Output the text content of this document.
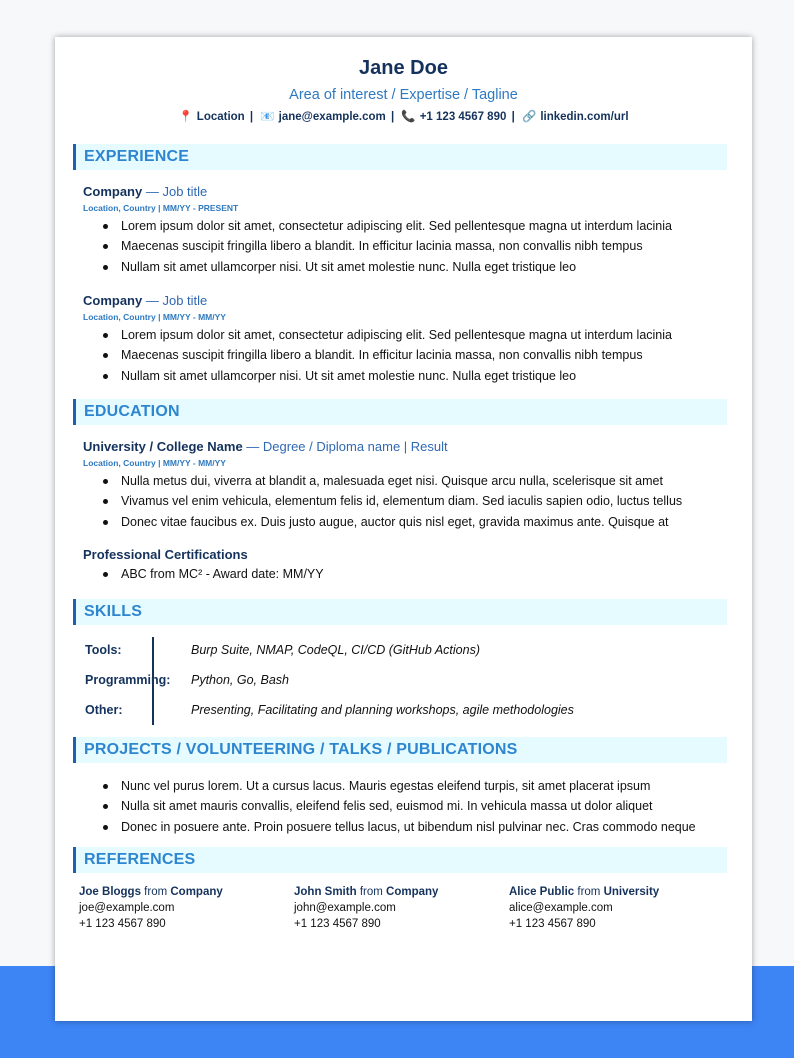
Jane Doe
Area of interest / Expertise / Tagline
📍 Location | 📧 jane@example.com | 📞 +1 123 4567 890 | 🔗 linkedin.com/url
EXPERIENCE
Company — Job title
Location, Country | MM/YY - PRESENT
Lorem ipsum dolor sit amet, consectetur adipiscing elit. Sed pellentesque magna ut interdum lacinia
Maecenas suscipit fringilla libero a blandit. In efficitur lacinia massa, non convallis nibh tempus
Nullam sit amet ullamcorper nisi. Ut sit amet molestie nunc. Nulla eget tristique leo
Company — Job title
Location, Country | MM/YY - MM/YY
Lorem ipsum dolor sit amet, consectetur adipiscing elit. Sed pellentesque magna ut interdum lacinia
Maecenas suscipit fringilla libero a blandit. In efficitur lacinia massa, non convallis nibh tempus
Nullam sit amet ullamcorper nisi. Ut sit amet molestie nunc. Nulla eget tristique leo
EDUCATION
University / College Name — Degree / Diploma name | Result
Location, Country | MM/YY - MM/YY
Nulla metus dui, viverra at blandit a, malesuada eget nisi. Quisque arcu nulla, scelerisque sit amet
Vivamus vel enim vehicula, elementum felis id, elementum diam. Sed iaculis sapien odio, luctus tellus
Donec vitae faucibus ex. Duis justo augue, auctor quis nisl eget, gravida maximus ante. Quisque at
Professional Certifications
ABC from MC² - Award date: MM/YY
SKILLS
Tools:	Burp Suite, NMAP, CodeQL, CI/CD (GitHub Actions)
Programming: Python, Go, Bash
Other:	Presenting, Facilitating and planning workshops, agile methodologies
PROJECTS / VOLUNTEERING / TALKS / PUBLICATIONS
Nunc vel purus lorem. Ut a cursus lacus. Mauris egestas eleifend turpis, sit amet placerat ipsum
Nulla sit amet mauris convallis, eleifend felis sed, euismod mi. In vehicula massa ut dolor aliquet
Donec in posuere ante. Proin posuere tellus lacus, ut bibendum nisl pulvinar nec. Cras commodo neque
REFERENCES
Joe Bloggs from Company
joe@example.com
+1 123 4567 890
John Smith from Company
john@example.com
+1 123 4567 890
Alice Public from University
alice@example.com
+1 123 4567 890
